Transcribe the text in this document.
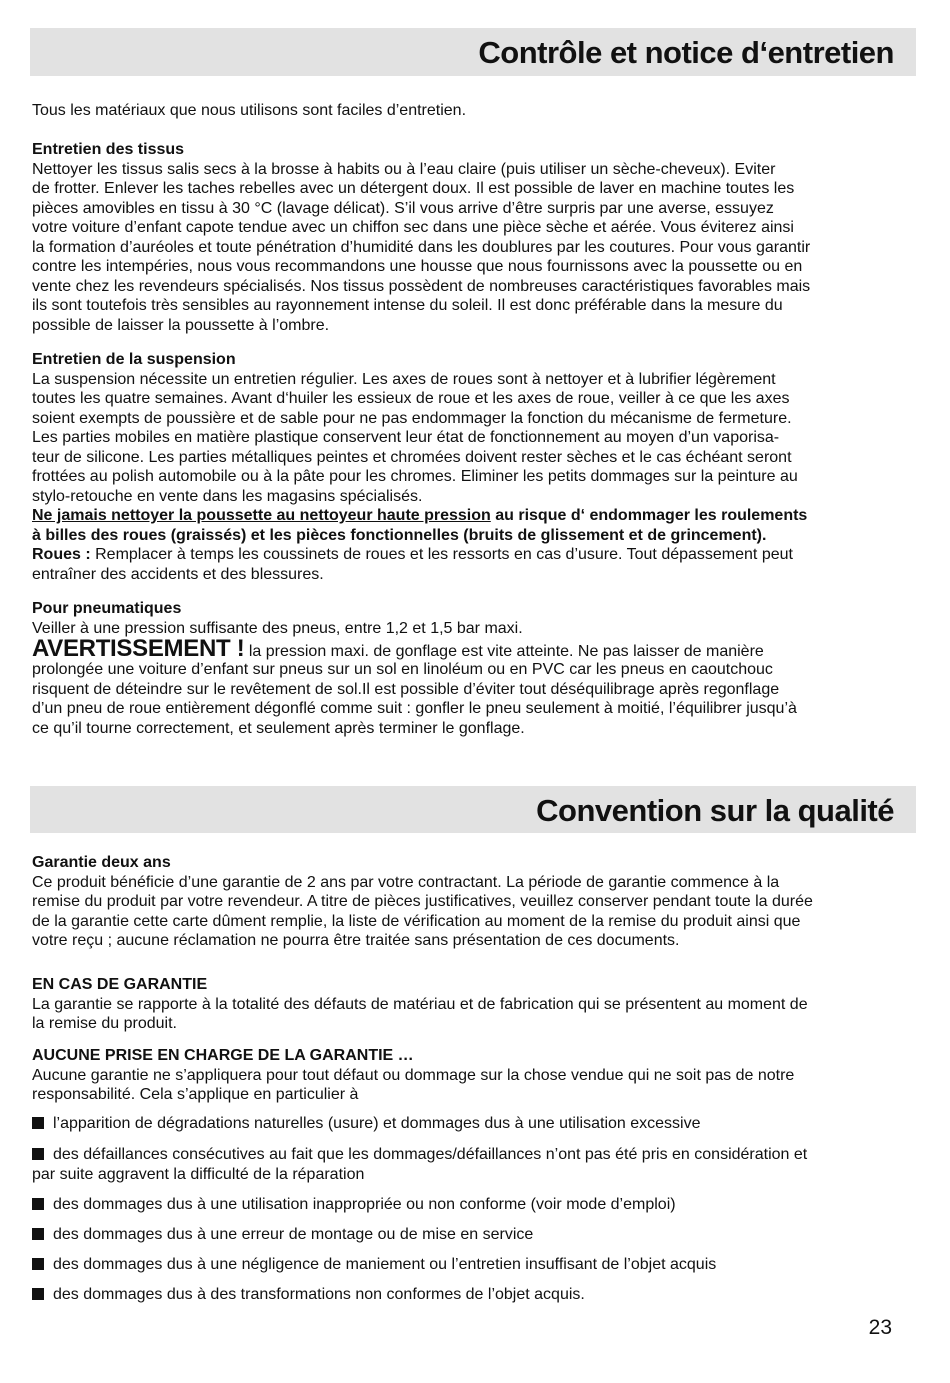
Contrôle et notice d‘entretien
Tous les matériaux que nous utilisons sont faciles d’entretien.
Entretien des tissus
Nettoyer les tissus salis secs à la brosse à habits ou à l’eau claire (puis utiliser un sèche-cheveux). Eviter
de frotter. Enlever les taches rebelles avec un détergent doux. Il est possible de laver en machine toutes les
pièces amovibles en tissu à 30 °C (lavage délicat). S’il vous arrive d’être surpris par une averse, essuyez
votre voiture d’enfant capote tendue avec un chiffon sec dans une pièce sèche et aérée. Vous éviterez ainsi
la formation d’auréoles et toute pénétration d’humidité dans les doublures par les coutures. Pour vous garantir
contre les intempéries, nous vous recommandons une housse que nous fournissons avec la poussette ou en
vente chez les revendeurs spécialisés. Nos tissus possèdent de nombreuses caractéristiques favorables mais
ils sont toutefois très sensibles au rayonnement intense du soleil. Il est donc préférable dans la mesure du
possible de laisser la poussette à l’ombre.
Entretien de la suspension
La suspension nécessite un entretien régulier. Les axes de roues sont à nettoyer et à lubrifier légèrement
toutes les quatre semaines. Avant d‘huiler les essieux de roue et les axes de roue, veiller à ce que les axes
soient exempts de poussière et de sable pour ne pas endommager la fonction du mécanisme de fermeture.
Les parties mobiles en matière plastique conservent leur état de fonctionnement au moyen d’un vaporisa-
teur de silicone. Les parties métalliques peintes et chromées doivent rester sèches et le cas échéant seront
frottées au polish automobile ou à la pâte pour les chromes. Eliminer les petits dommages sur la peinture au
stylo-retouche en vente dans les magasins spécialisés.
Ne jamais nettoyer la poussette au nettoyeur haute pression au risque d‘ endommager les roulements
à billes des roues (graissés) et les pièces fonctionnelles (bruits de glissement et de grincement).
Roues : Remplacer à temps les coussinets de roues et les ressorts en cas d’usure. Tout dépassement peut
entraîner des accidents et des blessures.
Pour pneumatiques
Veiller à une pression suffisante des pneus, entre 1,2 et 1,5 bar maxi.
AVERTISSEMENT ! la pression maxi. de gonflage est vite atteinte. Ne pas laisser de manière
prolongée une voiture d’enfant sur pneus sur un sol en linoléum ou en PVC car les pneus en caoutchouc
risquent de déteindre sur le revêtement de sol.Il est possible d’éviter tout déséquilibrage après regonflage
d’un pneu de roue entièrement dégonflé comme suit : gonfler le pneu seulement à moitié, l’équilibrer jusqu’à
ce qu’il tourne correctement, et seulement après terminer le gonflage.
Convention sur la qualité
Garantie deux ans
Ce produit bénéficie d’une garantie de 2 ans par votre contractant. La période de garantie commence à la
remise du produit par votre revendeur. A titre de pièces justificatives, veuillez conserver pendant toute la durée
de la garantie cette carte dûment remplie, la liste de vérification au moment de la remise du produit ainsi que
votre reçu ; aucune réclamation ne pourra être traitée sans présentation de ces documents.
EN CAS DE GARANTIE
La garantie se rapporte à la totalité des défauts de matériau et de fabrication qui se présentent au moment de
la remise du produit.
AUCUNE PRISE EN CHARGE DE LA GARANTIE …
Aucune garantie ne s’appliquera pour tout défaut ou dommage sur la chose vendue qui ne soit pas de notre
responsabilité. Cela s’applique en particulier à
l’apparition de dégradations naturelles (usure) et dommages dus à une utilisation excessive
des défaillances consécutives au fait que les dommages/défaillances n’ont pas été pris en considération et
par suite aggravent la difficulté de la réparation
des dommages dus à une utilisation inappropriée ou non conforme (voir mode d’emploi)
des dommages dus à une erreur de montage ou de mise en service
des dommages dus à une négligence de maniement ou l’entretien insuffisant de l’objet acquis
des dommages dus à des transformations non conformes de l’objet acquis.
23
